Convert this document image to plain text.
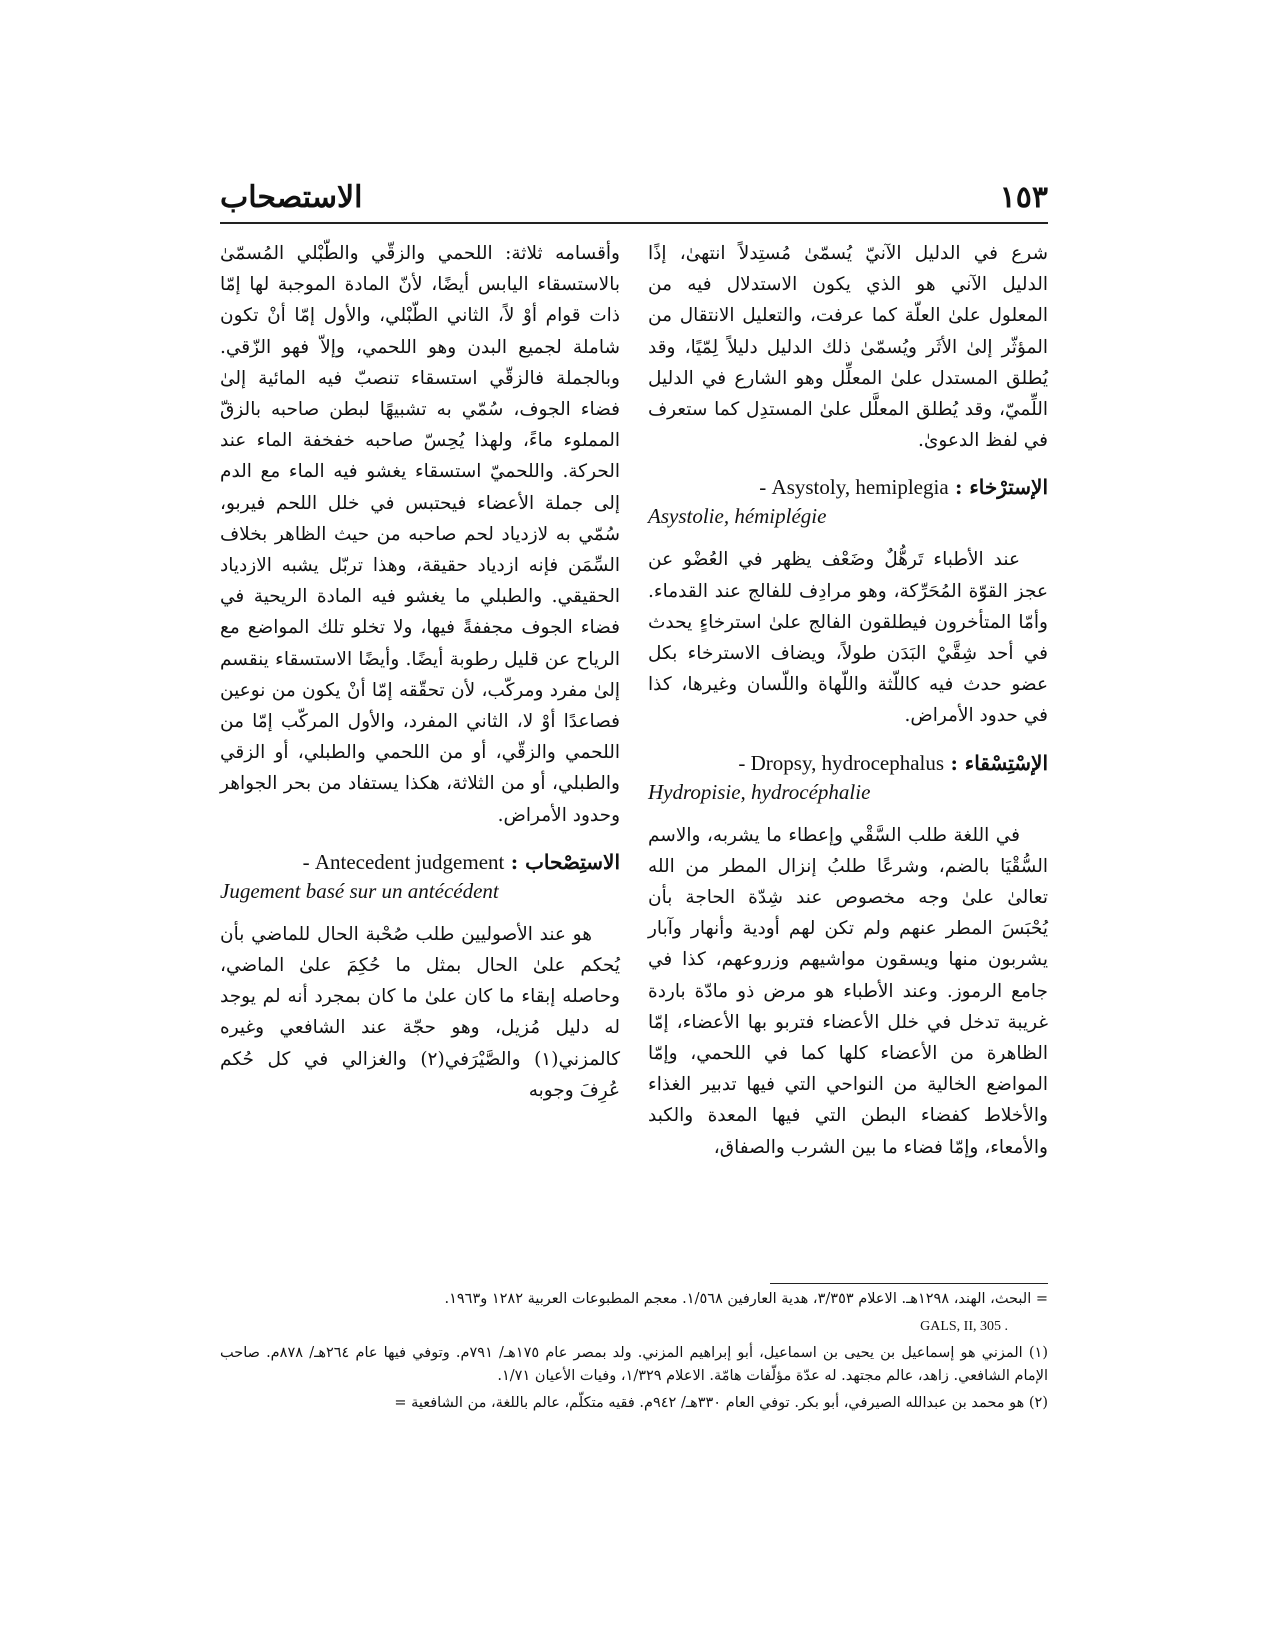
١٥٣
الاستصحاب

شرع في الدليل الآنيّ يُسمّىٰ مُستِدلاً انتهىٰ، إذًا الدليل الآني هو الذي يكون الاستدلال فيه من المعلول علىٰ العلّة كما عرفت، والتعليل الانتقال من المؤثّر إلىٰ الأثَر ويُسمّىٰ ذلك الدليل دليلاً لِمّيًا، وقد يُطلق المستدل علىٰ المعلِّل وهو الشارع في الدليل اللِّميّ، وقد يُطلق المعلَّل علىٰ المستدِل كما ستعرف في لفظ الدعوىٰ.

الإسترْخاء : - Asystoly, hemiplegia
Asystolie, hémiplégie

عند الأطباء تَرهُّلٌ وضَعْف يظهر في العُضْو عن عجز القوّة المُحَرِّكة، وهو مرادِف للفالج عند القدماء. وأمّا المتأخرون فيطلقون الفالج علىٰ استرخاءٍ يحدث في أحد شِقَّيْ البَدَن طولاً، ويضاف الاسترخاء بكل عضو حدث فيه كاللّثة واللّهاة واللّسان وغيرها، كذا في حدود الأمراض.

الإسْتِسْقاء : - Dropsy, hydrocephalus
Hydropisie, hydrocéphalie

في اللغة طلب السَّقْي وإعطاء ما يشربه، والاسم السُّقْيَا بالضم، وشرعًا طلبُ إنزال المطر من الله تعالىٰ علىٰ وجه مخصوص عند شِدّة الحاجة بأن يُحْبَسَ المطر عنهم ولم تكن لهم أودية وأنهار وآبار يشربون منها ويسقون مواشيهم وزروعهم، كذا في جامع الرموز. وعند الأطباء هو مرض ذو مادّة باردة غريبة تدخل في خلل الأعضاء فتربو بها الأعضاء، إمّا الظاهرة من الأعضاء كلها كما في اللحمي، وإمّا المواضع الخالية من النواحي التي فيها تدبير الغذاء والأخلاط كفضاء البطن التي فيها المعدة والكبد والأمعاء، وإمّا فضاء ما بين الشرب والصفاق،

وأقسامه ثلاثة: اللحمي والزقّي والطّبْلي المُسمّىٰ بالاستسقاء اليابس أيضًا، لأنّ المادة الموجبة لها إمّا ذات قوام أوْ لاً، الثاني الطّبْلي، والأول إمّا أنْ تكون شاملة لجميع البدن وهو اللحمي، وإلاّ فهو الزّقي. وبالجملة فالزقّي استسقاء تنصبّ فيه المائية إلىٰ فضاء الجوف، سُمّي به تشبيهًا لبطن صاحبه بالزقّ المملوء ماءً، ولهذا يُحِسّ صاحبه خفخفة الماء عند الحركة. واللحميّ استسقاء يغشو فيه الماء مع الدم إلى جملة الأعضاء فيحتبس في خلل اللحم فيربو، سُمّي به لازدياد لحم صاحبه من حيث الظاهر بخلاف السِّمَن فإنه ازدياد حقيقة، وهذا تربّل يشبه الازدياد الحقيقي. والطبلي ما يغشو فيه المادة الريحية في فضاء الجوف مجففةً فيها، ولا تخلو تلك المواضع مع الرياح عن قليل رطوبة أيضًا. وأيضًا الاستسقاء ينقسم إلىٰ مفرد ومركّب، لأن تحقّقه إمّا أنْ يكون من نوعين فصاعدًا أوْ لا، الثاني المفرد، والأول المركّب إمّا من اللحمي والزقّي، أو من اللحمي والطبلي، أو الزقي والطبلي، أو من الثلاثة، هكذا يستفاد من بحر الجواهر وحدود الأمراض.

الاستِصْحاب : - Antecedent judgement
Jugement basé sur un antécédent

هو عند الأصوليين طلب صُحْبة الحال للماضي بأن يُحكم علىٰ الحال بمثل ما حُكِمَ علىٰ الماضي، وحاصله إبقاء ما كان علىٰ ما كان بمجرد أنه لم يوجد له دليل مُزيل، وهو حجّة عند الشافعي وغيره كالمزني(١) والصَّيْرَفي(٢) والغزالي في كل حُكم عُرِفَ وجوبه

= البحث، الهند، ١٢٩٨هـ. الاعلام ٣/٣٥٣، هدية العارفين ١/٥٦٨. معجم المطبوعات العربية ١٢٨٢ و١٩٦٣.

GALS, II, 305 .

(١) المزني هو إسماعيل بن يحيى بن اسماعيل، أبو إبراهيم المزني. ولد بمصر عام ١٧٥هـ/ ٧٩١م. وتوفي فيها عام ٢٦٤هـ/ ٨٧٨م. صاحب الإمام الشافعي. زاهد، عالم مجتهد. له عدّة مؤلّفات هامّة. الاعلام ١/٣٢٩، وفيات الأعيان ١/٧١.

(٢) هو محمد بن عبدالله الصيرفي، أبو بكر. توفي العام ٣٣٠هـ/ ٩٤٢م. فقيه متكلّم، عالم باللغة، من الشافعية =
